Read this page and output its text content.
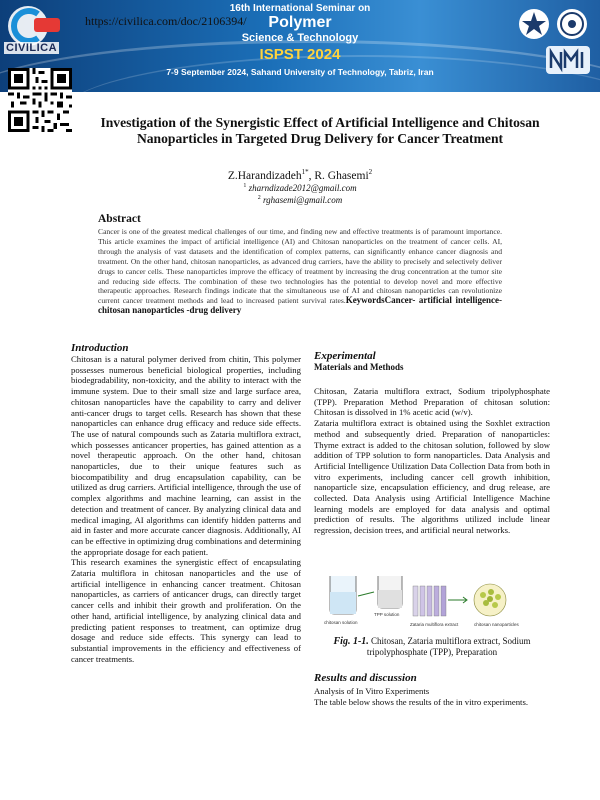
16th International Seminar on
Polymer
Science & Technology
ISPST 2024
7-9 September 2024, Sahand University of Technology, Tabriz, Iran
CIVILICA
https://civilica.com/doc/2106394/
Investigation of the Synergistic Effect of Artificial Intelligence and Chitosan Nanoparticles in Targeted Drug Delivery for Cancer Treatment
Z.Harandizadeh$^{1*}$, R. Ghasemi$^2$
$^1$ zharndizade2012@gmail.com
$^2$ rghasemi@gmail.com
Abstract
Cancer is one of the greatest medical challenges of our time, and finding new and effective treatments is of paramount importance. This article examines the impact of artificial intelligence (AI) and Chitosan nanoparticles on the treatment of cancer cells. AI, through the analysis of vast datasets and the identification of complex patterns, can significantly enhance cancer diagnosis and treatment. On the other hand, chitosan nanoparticles, as advanced drug carriers, have the ability to precisely and selectively deliver drugs to cancer cells. These nanoparticles improve the efficacy of treatment by increasing the drug concentration at the tumor site and reducing side effects. The combination of these two technologies has the potential to develop novel and more effective therapeutic approaches. Research findings indicate that the simultaneous use of AI and chitosan nanoparticles can revolutionize current cancer treatment methods and lead to increased patient survival rates.KeywordsCancer- artificial intelligence-chitosan nanoparticles -drug delivery
Introduction
Chitosan is a natural polymer derived from chitin, This polymer possesses numerous beneficial biological properties, including biodegradability, non-toxicity, and the ability to interact with the immune system. Due to their small size and large surface area, chitosan nanoparticles have the capability to carry and deliver anti-cancer drugs to target cells. Research has shown that these nanoparticles can enhance drug efficacy and reduce side effects. The use of natural compounds such as Zataria multiflora extract, which possesses anticancer properties, has gained attention as a novel therapeutic approach. On the other hand, chitosan nanoparticles, due to their unique features such as biocompatibility and drug encapsulation capability, can be utilized as drug carriers. Artificial intelligence, through the use of complex algorithms and machine learning, can assist in the detection and treatment of cancer. By analyzing clinical data and medical imaging, AI algorithms can identify hidden patterns and aid in faster and more accurate cancer diagnosis. Additionally, AI can be effective in optimizing drug combinations and determining the appropriate dosage for each patient.
This research examines the synergistic effect of encapsulating Zataria multiflora in chitosan nanoparticles and the use of artificial intelligence in enhancing cancer treatment. Chitosan nanoparticles, as carriers of anticancer drugs, can directly target cancer cells and inhibit their growth and proliferation. On the other hand, artificial intelligence, by analyzing clinical data and predicting patient responses to treatment, can optimize drug dosage and reduce side effects. This synergy can lead to substantial improvements in the efficiency and effectiveness of cancer treatments.
Experimental
Materials and Methods
Chitosan, Zataria multiflora extract, Sodium tripolyphosphate (TPP). Preparation Method Preparation of chitosan solution: Chitosan is dissolved in 1% acetic acid (w/v).
Zataria multiflora extract is obtained using the Soxhlet extraction method and subsequently dried. Preparation of nanoparticles: Thyme extract is added to the chitosan solution, followed by slow addition of TPP solution to form nanoparticles. Data Analysis and Artificial Intelligence Utilization Data Collection Data from both in vitro experiments, including cancer cell growth inhibition, nanoparticle size, encapsulation efficiency, and drug release, are collected. Data Analysis using Artificial Intelligence Machine learning models are employed for data analysis and optimal prediction of results. The algorithms utilized include linear regression, decision trees, and artificial neural networks.
chitosan solution
TPP solution
Zataria multiflora extract	chitosan nanoparticles
Fig. 1-1. Chitosan, Zataria multiflora extract, Sodium tripolyphosphate (TPP), Preparation
Results and discussion
Analysis of In Vitro Experiments
The table below shows the results of the in vitro experiments.
